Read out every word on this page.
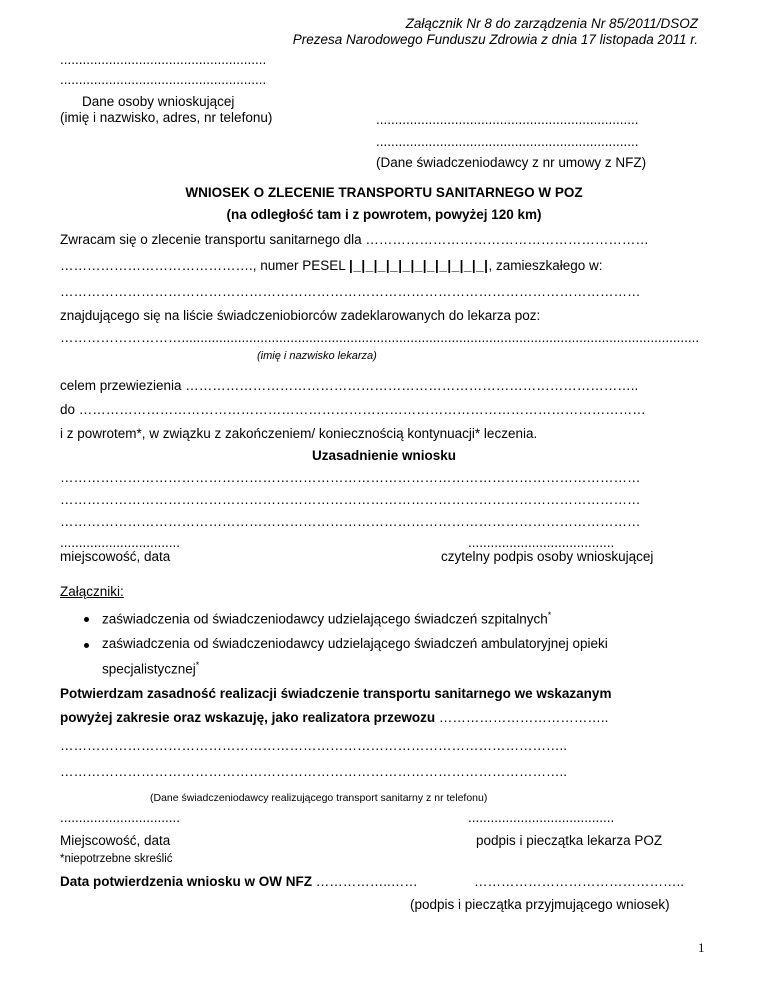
Załącznik Nr 8 do zarządzenia Nr 85/2011/DSOZ
Prezesa Narodowego Funduszu Zdrowia z dnia 17 listopada 2011 r.
.......................................................
.......................................................
Dane osoby wnioskującej
(imię i nazwisko, adres, nr telefonu)	......................................................................
......................................................................
(Dane świadczeniodawcy z nr umowy z NFZ)
WNIOSEK O ZLECENIE TRANSPORTU SANITARNEGO W POZ
(na odległość tam i z powrotem, powyżej 120 km)
Zwracam się o zlecenie transportu sanitarnego dla ………………………………………………………
……………………………………., numer PESEL |_|_|_|_|_|_|_|_|_|_|_|, zamieszkałego w:
…………………………………………………………………………………………………………………
znajdującego się na liście świadczeniobiorców zadeklarowanych do lekarza poz:
………………………..........................................................................................................................................
(imię i nazwisko lekarza)
celem przewiezienia ………………………………………………………………………………………..
do ………………………………………………………………………………………………………………
i z powrotem*, w związku z zakończeniem/ koniecznością kontynuacji* leczenia.
Uzasadnienie wniosku
…………………………………………………………………………………………………………………
…………………………………………………………………………………………………………………
…………………………………………………………………………………………………………………
................................
miejscowość, data
.......................................
czytelny podpis osoby wnioskującej
Załączniki:
zaświadczenia od świadczeniodawcy udzielającego świadczeń szpitalnych*
zaświadczenia od świadczeniodawcy udzielającego świadczeń ambulatoryjnej opieki
specjalistycznej*
Potwierdzam zasadność realizacji świadczenie transportu sanitarnego we wskazanym
powyżej zakresie oraz wskazuję, jako realizatora przewozu ………………………………..
…………………………………………………………………………………………………..
…………………………………………………………………………………………………..
(Dane świadczeniodawcy realizującego transport sanitarny z nr telefonu)
................................
Miejscowość, data
.......................................
podpis i pieczątka lekarza POZ
*niepotrzebne skreślić
Data potwierdzenia wniosku w OW NFZ ……………..……	………………………………………..
(podpis i pieczątka przyjmującego wniosek)
1
